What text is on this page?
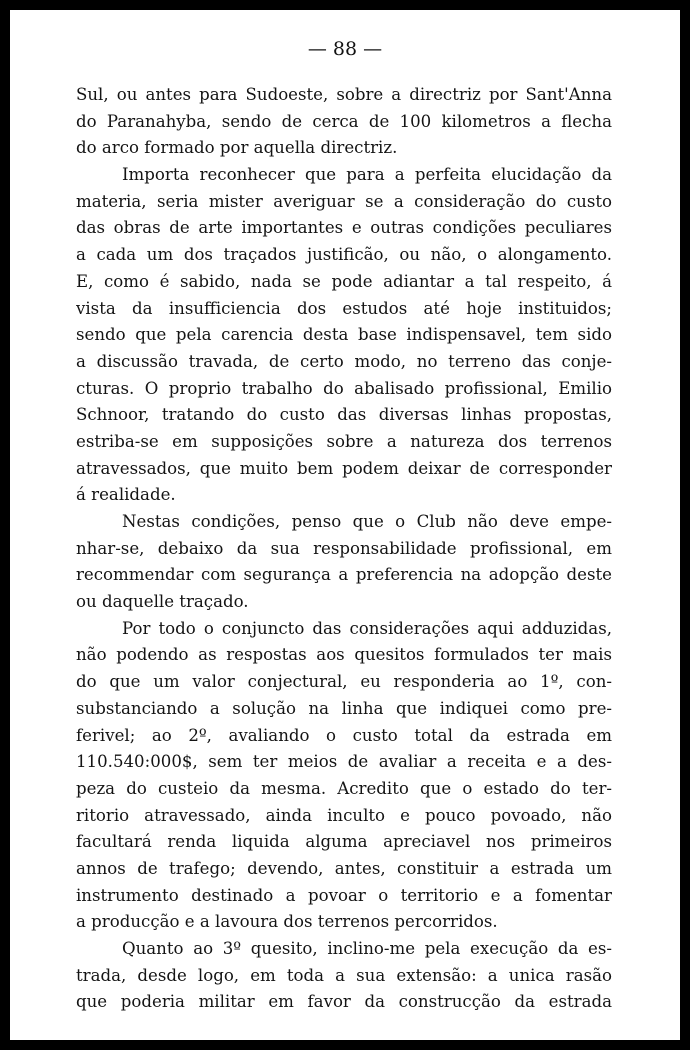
— 88 —
Sul, ou antes para Sudoeste, sobre a directriz por Sant'Anna
do Paranahyba, sendo de cerca de 100 kilometros a flecha
do arco formado por aquella directriz.
Importa reconhecer que para a perfeita elucidação da
materia, seria mister averiguar se a consideração do custo
das obras de arte importantes e outras condições peculiares
a cada um dos traçados justificão, ou não, o alongamento.
E, como é sabido, nada se pode adiantar a tal respeito, á
vista da insufficiencia dos estudos até hoje instituidos;
sendo que pela carencia desta base indispensavel, tem sido
a discussão travada, de certo modo, no terreno das conje-
cturas. O proprio trabalho do abalisado profissional, Emilio
Schnoor, tratando do custo das diversas linhas propostas,
estriba-se em supposições sobre a natureza dos terrenos
atravessados, que muito bem podem deixar de corresponder
á realidade.
Nestas condições, penso que o Club não deve empe-
nhar-se, debaixo da sua responsabilidade profissional, em
recommendar com segurança a preferencia na adopção deste
ou daquelle traçado.
Por todo o conjuncto das considerações aqui adduzidas,
não podendo as respostas aos quesitos formulados ter mais
do que um valor conjectural, eu responderia ao 1º, con-
substanciando a solução na linha que indiquei como pre-
ferivel; ao 2º, avaliando o custo total da estrada em
110.540:000$, sem ter meios de avaliar a receita e a des-
peza do custeio da mesma. Acredito que o estado do ter-
ritorio atravessado, ainda inculto e pouco povoado, não
facultará renda liquida alguma apreciavel nos primeiros
annos de trafego; devendo, antes, constituir a estrada um
instrumento destinado a povoar o territorio e a fomentar
a producção e a lavoura dos terrenos percorridos.
Quanto ao 3º quesito, inclino-me pela execução da es-
trada, desde logo, em toda a sua extensão: a unica rasão
que poderia militar em favor da construcção da estrada
